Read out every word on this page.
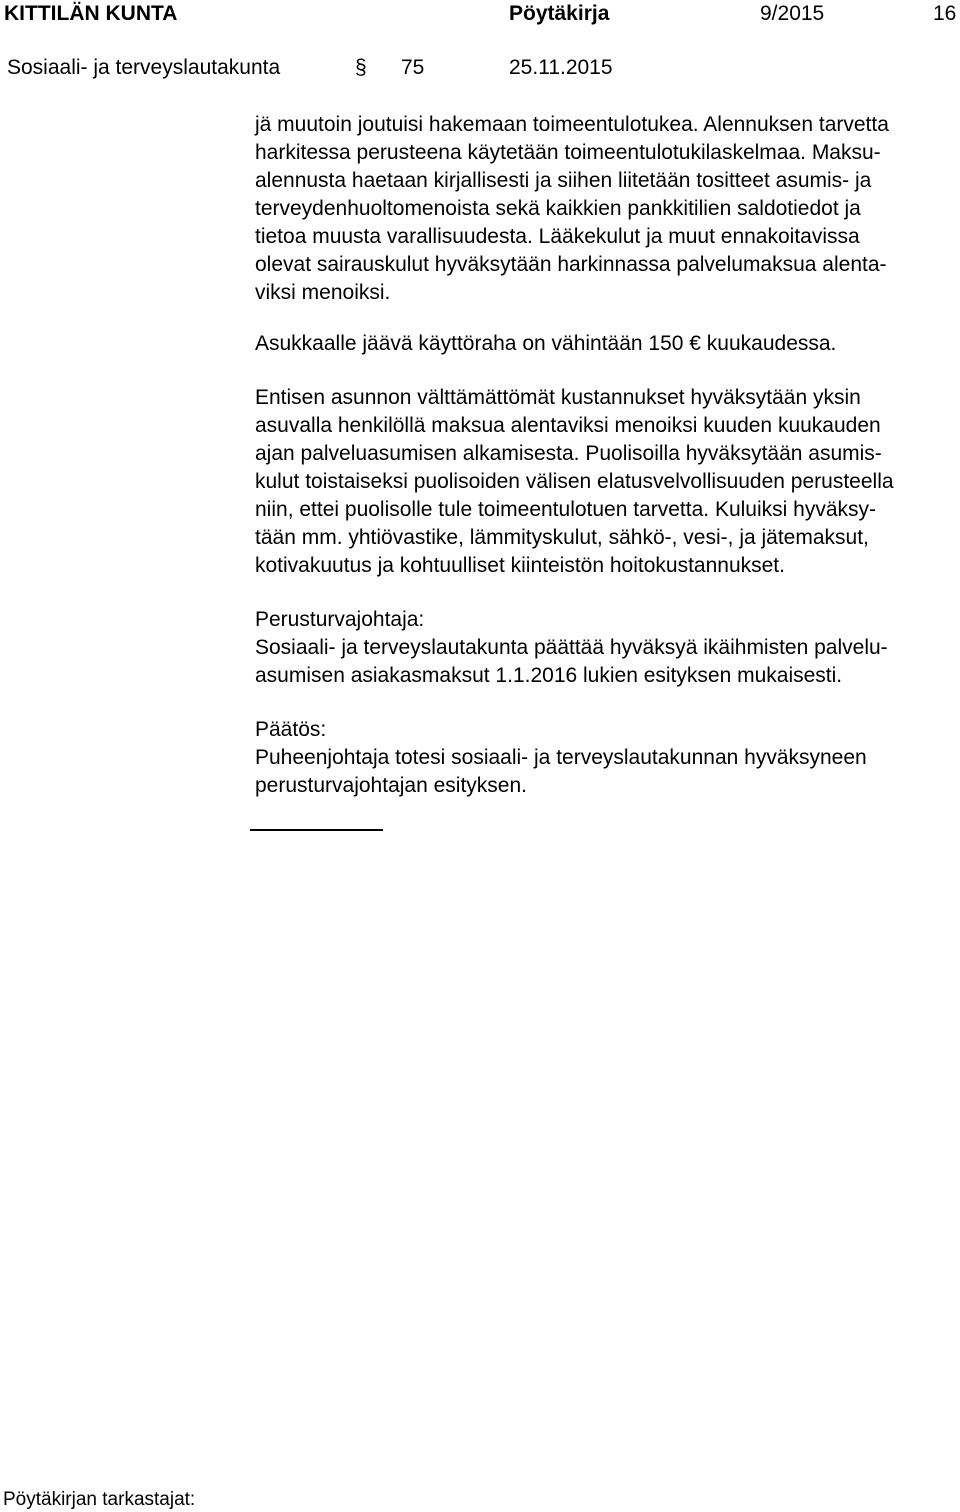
KITTILÄN KUNTA	Pöytäkirja	9/2015	16
Sosiaali- ja terveyslautakunta	§ 75	25.11.2015
jä muutoin joutuisi hakemaan toimeentulotukea. Alennuksen tarvetta
harkitessa perusteena käytetään toimeentulotukilaskelmaa. Maksu-
alennusta haetaan kirjallisesti ja siihen liitetään tositteet asumis- ja
terveydenhuoltomenoista sekä kaikkien pankkitilien saldotiedot ja
tietoa muusta varallisuudesta. Lääkekulut ja muut ennakoitavissa
olevat sairauskulut hyväksytään harkinnassa palvelumaksua alenta-
viksi menoiksi.
Asukkaalle jäävä käyttöraha on vähintään 150 € kuukaudessa.
Entisen asunnon välttämättömät kustannukset hyväksytään yksin
asuvalla henkilöllä maksua alentaviksi menoiksi kuuden kuukauden
ajan palveluasumisen alkamisesta. Puolisoilla hyväksytään asumis-
kulut toistaiseksi puolisoiden välisen elatusvelvollisuuden perusteella
niin, ettei puolisolle tule toimeentulotuen tarvetta. Kuluiksi hyväksy-
tään mm. yhtiövastike, lämmityskulut, sähkö-, vesi-, ja jätemaksut,
kotivakuutus ja kohtuulliset kiinteistön hoitokustannukset.
Perusturvajohtaja:
Sosiaali- ja terveyslautakunta päättää hyväksyä ikäihmisten palvelu-
asumisen asiakasmaksut 1.1.2016 lukien esityksen mukaisesti.
Päätös:
Puheenjohtaja totesi sosiaali- ja terveyslautakunnan hyväksyneen
perusturvajohtajan esityksen.
Pöytäkirjan tarkastajat:
